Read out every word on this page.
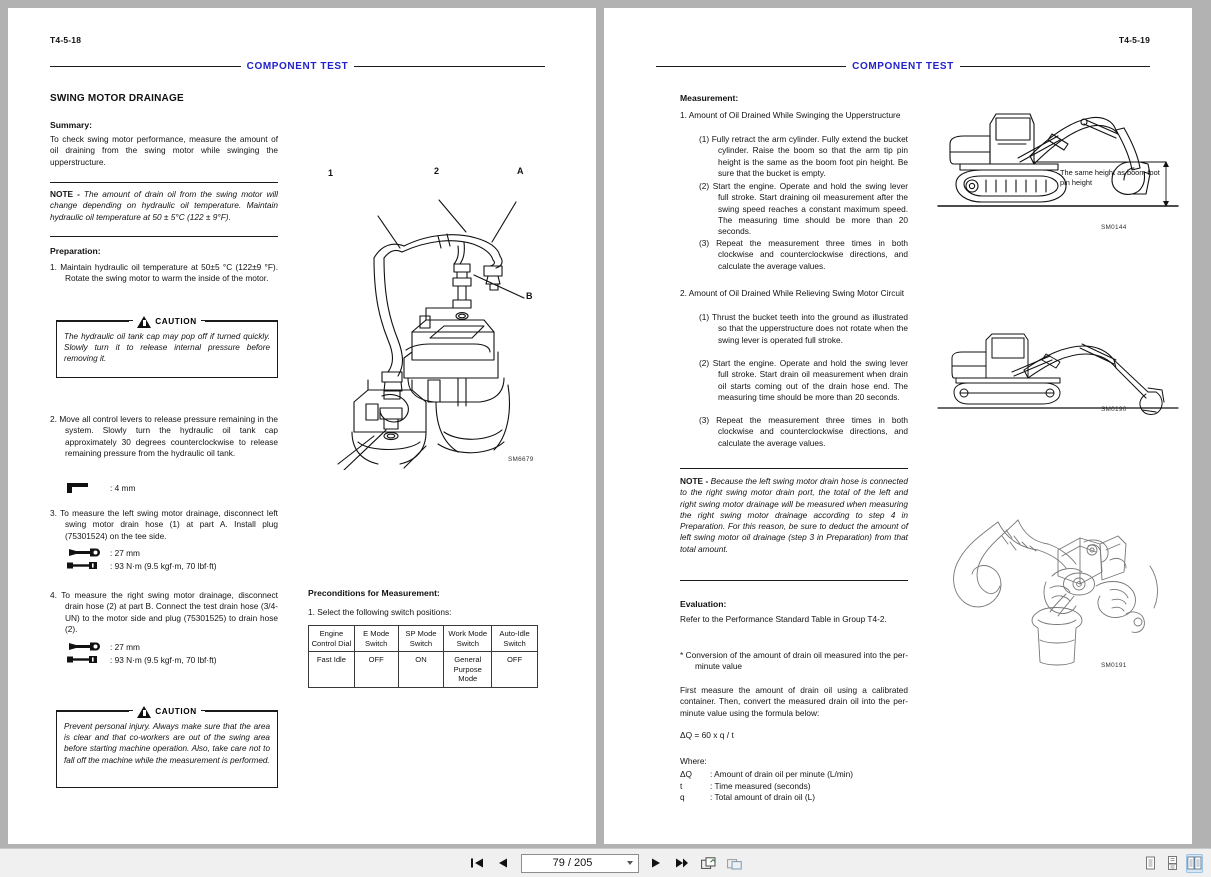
T4-5-18
COMPONENT TEST
SWING MOTOR DRAINAGE
Summary:
To check swing motor performance, measure the amount of oil draining from the swing motor while swinging the upperstructure.
NOTE - The amount of drain oil from the swing motor will change depending on hydraulic oil temperature. Maintain hydraulic oil temperature at 50 ± 5°C (122 ± 9°F).
Preparation:
1. Maintain hydraulic oil temperature at 50±5 °C (122±9 °F). Rotate the swing motor to warm the inside of the motor.
CAUTION
The hydraulic oil tank cap may pop off if turned quickly. Slowly turn it to release internal pressure before removing it.
2. Move all control levers to release pressure remaining in the system. Slowly turn the hydraulic oil tank cap approximately 30 degrees counterclockwise to release remaining pressure from the hydraulic oil tank.
: 4 mm
3. To measure the left swing motor drainage, disconnect left swing motor drain hose (1) at part A. Install plug (75301524) on the tee side.
: 27 mm
: 93 N·m (9.5 kgf·m, 70 lbf·ft)
4. To measure the right swing motor drainage, disconnect drain hose (2) at part B. Connect the test drain hose (3/4-UN) to the motor side and plug (75301525) to drain hose (2).
: 27 mm
: 93 N·m (9.5 kgf·m, 70 lbf·ft)
CAUTION
Prevent personal injury. Always make sure that the area is clear and that co-workers are out of the swing area before starting machine operation. Also, take care not to fall off the machine while the measurement is performed.
1	2	A
B
SM6679
Preconditions for Measurement:
1. Select the following switch positions:
Engine Control Dial	E Mode Switch	SP Mode Switch	Work Mode Switch	Auto-Idle Switch
Fast Idle	OFF	ON	General Purpose Mode	OFF
T4-5-19
COMPONENT TEST
Measurement:
1. Amount of Oil Drained While Swinging the Upperstructure
(1) Fully retract the arm cylinder. Fully extend the bucket cylinder. Raise the boom so that the arm tip pin height is the same as the boom foot pin height. Be sure that the bucket is empty.
(2) Start the engine. Operate and hold the swing lever full stroke. Start draining oil measurement after the swing speed reaches a constant maximum speed. The measuring time should be more than 20 seconds.
(3) Repeat the measurement three times in both clockwise and counterclockwise directions, and calculate the average values.
2. Amount of Oil Drained While Relieving Swing Motor Circuit
(1) Thrust the bucket teeth into the ground as illustrated so that the upperstructure does not rotate when the swing lever is operated full stroke.
(2) Start the engine. Operate and hold the swing lever full stroke. Start drain oil measurement when drain oil starts coming out of the drain hose end. The measuring time should be more than 20 seconds.
(3) Repeat the measurement three times in both clockwise and counterclockwise directions, and calculate the average values.
NOTE - Because the left swing motor drain hose is connected to the right swing motor drain port, the total of the left and right swing motor drainage will be measured when measuring the right swing motor drainage according to step 4 in Preparation. For this reason, be sure to deduct the amount of left swing motor oil drainage (step 3 in Preparation) from that total amount.
Evaluation:
Refer to the Performance Standard Table in Group T4-2.
* Conversion of the amount of drain oil measured into the per-minute value
First measure the amount of drain oil using a calibrated container. Then, convert the measured drain oil into the per-minute value using the formula below:
ΔQ = 60 x q / t
Where:
ΔQ	: Amount of drain oil per minute (L/min)
t	: Time measured (seconds)
q	: Total amount of drain oil (L)
The same height as boom foot pin height
SM0144
SM0190
SM0191
79 / 205
